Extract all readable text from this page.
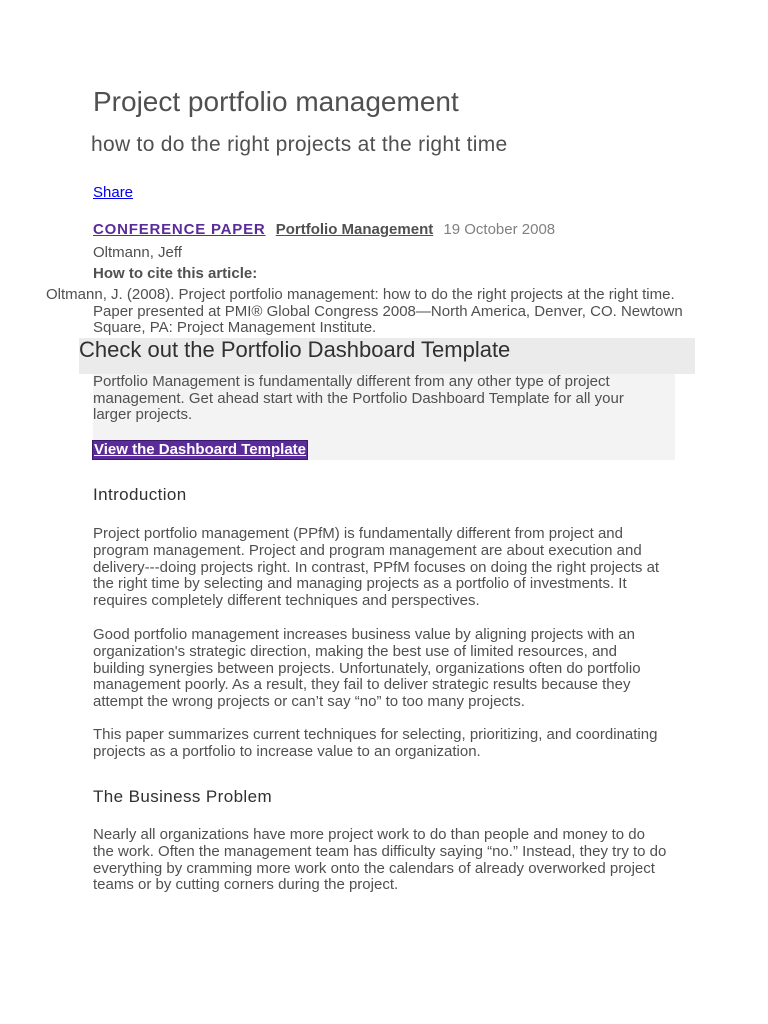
Project portfolio management
how to do the right projects at the right time
Share
CONFERENCE PAPER Portfolio Management 19 October 2008
Oltmann, Jeff
How to cite this article:
Oltmann, J. (2008). Project portfolio management: how to do the right projects at the right time. Paper presented at PMI® Global Congress 2008—North America, Denver, CO. Newtown Square, PA: Project Management Institute.
Check out the Portfolio Dashboard Template
Portfolio Management is fundamentally different from any other type of project management. Get ahead start with the Portfolio Dashboard Template for all your larger projects.
View the Dashboard Template
Introduction
Project portfolio management (PPfM) is fundamentally different from project and program management. Project and program management are about execution and delivery---doing projects right. In contrast, PPfM focuses on doing the right projects at the right time by selecting and managing projects as a portfolio of investments. It requires completely different techniques and perspectives.
Good portfolio management increases business value by aligning projects with an organization's strategic direction, making the best use of limited resources, and building synergies between projects. Unfortunately, organizations often do portfolio management poorly. As a result, they fail to deliver strategic results because they attempt the wrong projects or can’t say “no” to too many projects.
This paper summarizes current techniques for selecting, prioritizing, and coordinating projects as a portfolio to increase value to an organization.
The Business Problem
Nearly all organizations have more project work to do than people and money to do the work. Often the management team has difficulty saying “no.” Instead, they try to do everything by cramming more work onto the calendars of already overworked project teams or by cutting corners during the project.
